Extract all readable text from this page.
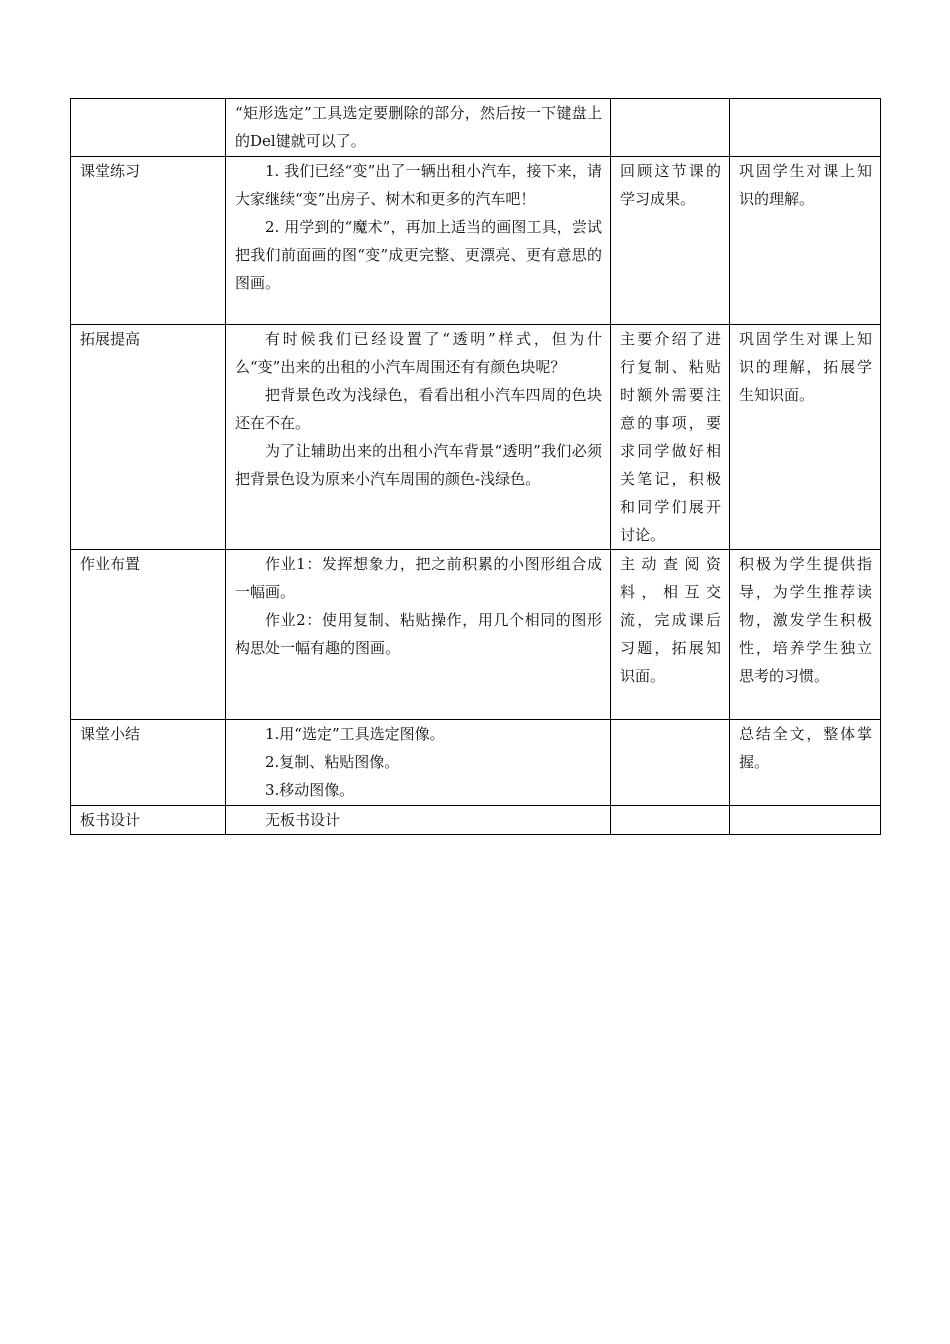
	“矩形选定”工具选定要删除的部分，然后按一下键盘上的Del键就可以了。		

课堂练习	1. 我们已经“变”出了一辆出租小汽车，接下来，请大家继续“变”出房子、树木和更多的汽车吧！

2. 用学到的“魔术”，再加上适当的画图工具，尝试把我们前面画的图“变”成更完整、更漂亮、更有意思的图画。	回顾这节课的学习成果。	巩固学生对课上知识的理解。

拓展提高	有时候我们已经设置了“透明”样式，但为什么“变”出来的出租的小汽车周围还有有颜色块呢？

把背景色改为浅绿色，看看出租小汽车四周的色块还在不在。

为了让辅助出来的出租小汽车背景“透明”我们必须把背景色设为原来小汽车周围的颜色-浅绿色。	主要介绍了进行复制、粘贴时额外需要注意的事项，要求同学做好相关笔记，积极和同学们展开讨论。	巩固学生对课上知识的理解，拓展学生知识面。

作业布置	作业1：发挥想象力，把之前积累的小图形组合成一幅画。

作业2：使用复制、粘贴操作，用几个相同的图形构思处一幅有趣的图画。	主动查阅资料，相互交流，完成课后习题，拓展知识面。	积极为学生提供指导，为学生推荐读物，激发学生积极性，培养学生独立思考的习惯。

课堂小结	1.用“选定”工具选定图像。

2.复制、粘贴图像。

3.移动图像。		总结全文，整体掌握。

板书设计	无板书设计		
